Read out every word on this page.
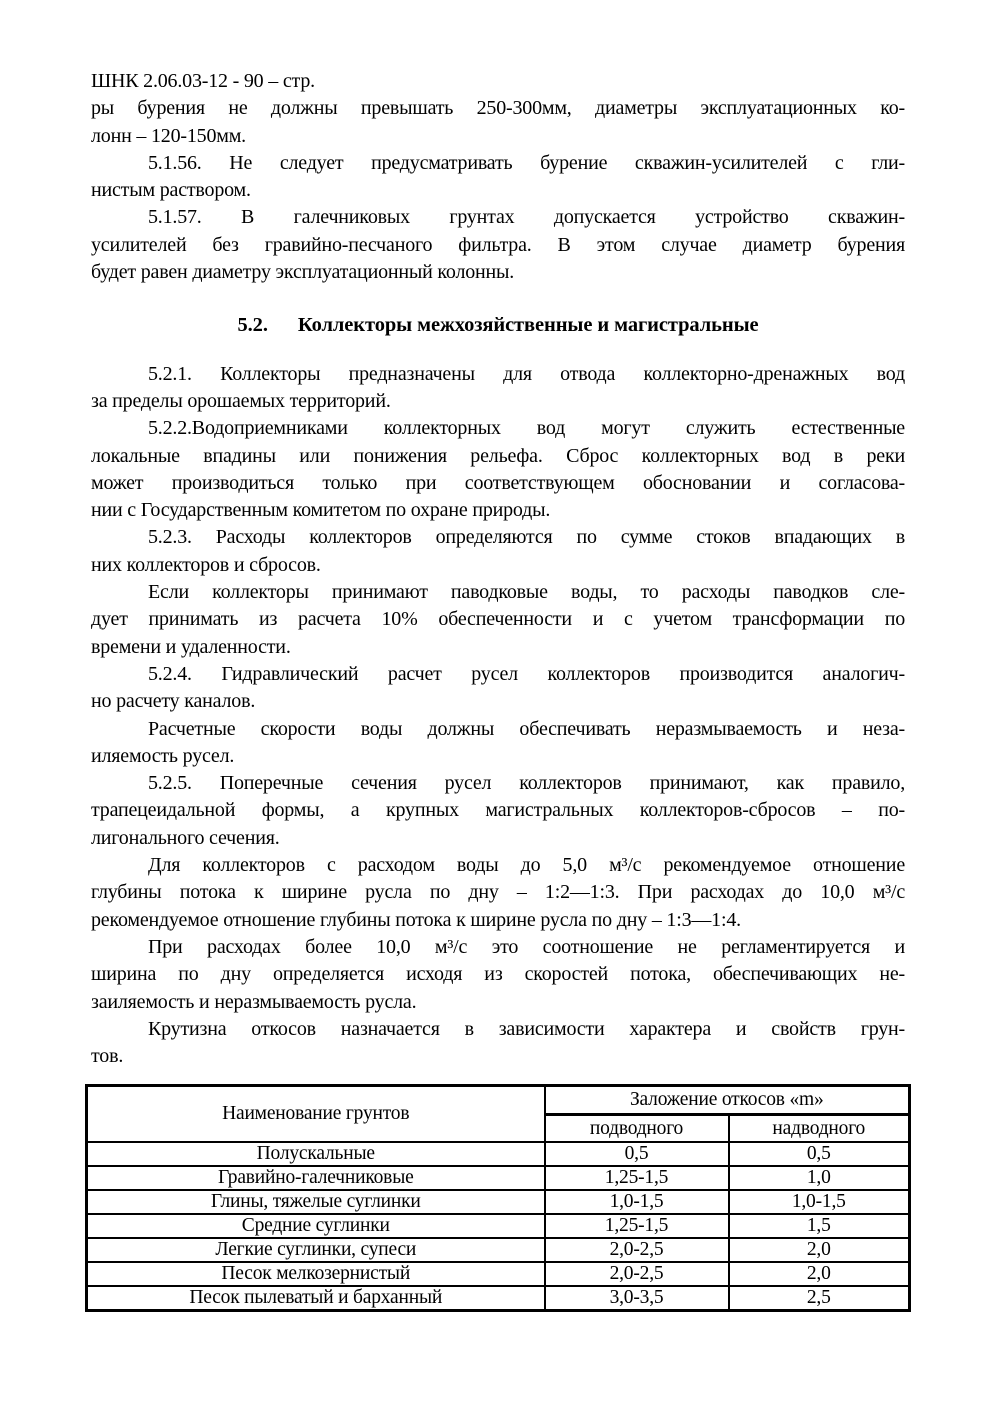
ШНК 2.06.03-12 - 90 – стр.
ры бурения не должны превышать 250-300мм, диаметры эксплуатационных ко-
лонн – 120-150мм.
5.1.56. Не следует предусматривать бурение скважин-усилителей с гли-
нистым раствором.
5.1.57. В галечниковых грунтах допускается устройство скважин-
усилителей без гравийно-песчаного фильтра. В этом случае диаметр бурения
будет равен диаметру эксплуатационный колонны.
5.2. Коллекторы межхозяйственные и магистральные
5.2.1. Коллекторы предназначены для отвода коллекторно-дренажных вод
за пределы орошаемых территорий.
5.2.2.Водоприемниками коллекторных вод могут служить естественные
локальные впадины или понижения рельефа. Сброс коллекторных вод в реки
может производиться только при соответствующем обосновании и согласова-
нии с Государственным комитетом по охране природы.
5.2.3. Расходы коллекторов определяются по сумме стоков впадающих в
них коллекторов и сбросов.
Если коллекторы принимают паводковые воды, то расходы паводков сле-
дует принимать из расчета 10% обеспеченности и с учетом трансформации по
времени и удаленности.
5.2.4. Гидравлический расчет русел коллекторов производится аналогич-
но расчету каналов.
Расчетные скорости воды должны обеспечивать неразмываемость и неза-
иляемость русел.
5.2.5. Поперечные сечения русел коллекторов принимают, как правило,
трапецеидальной формы, а крупных магистральных коллекторов-сбросов – по-
лигонального сечения.
Для коллекторов с расходом воды до 5,0 м³/с рекомендуемое отношение
глубины потока к ширине русла по дну – 1:2—1:3. При расходах до 10,0 м³/с
рекомендуемое отношение глубины потока к ширине русла по дну – 1:3—1:4.
При расходах более 10,0 м³/с это соотношение не регламентируется и
ширина по дну определяется исходя из скоростей потока, обеспечивающих не-
заиляемость и неразмываемость русла.
Крутизна откосов назначается в зависимости характера и свойств грун-
тов.
Наименование грунтов	Заложение откосов «m»	
	подводного	надводного
Полускальные	0,5	0,5
Гравийно-галечниковые	1,25-1,5	1,0
Глины, тяжелые суглинки	1,0-1,5	1,0-1,5
Средние суглинки	1,25-1,5	1,5
Легкие суглинки, супеси	2,0-2,5	2,0
Песок мелкозернистый	2,0-2,5	2,0
Песок пылеватый и барханный	3,0-3,5	2,5
